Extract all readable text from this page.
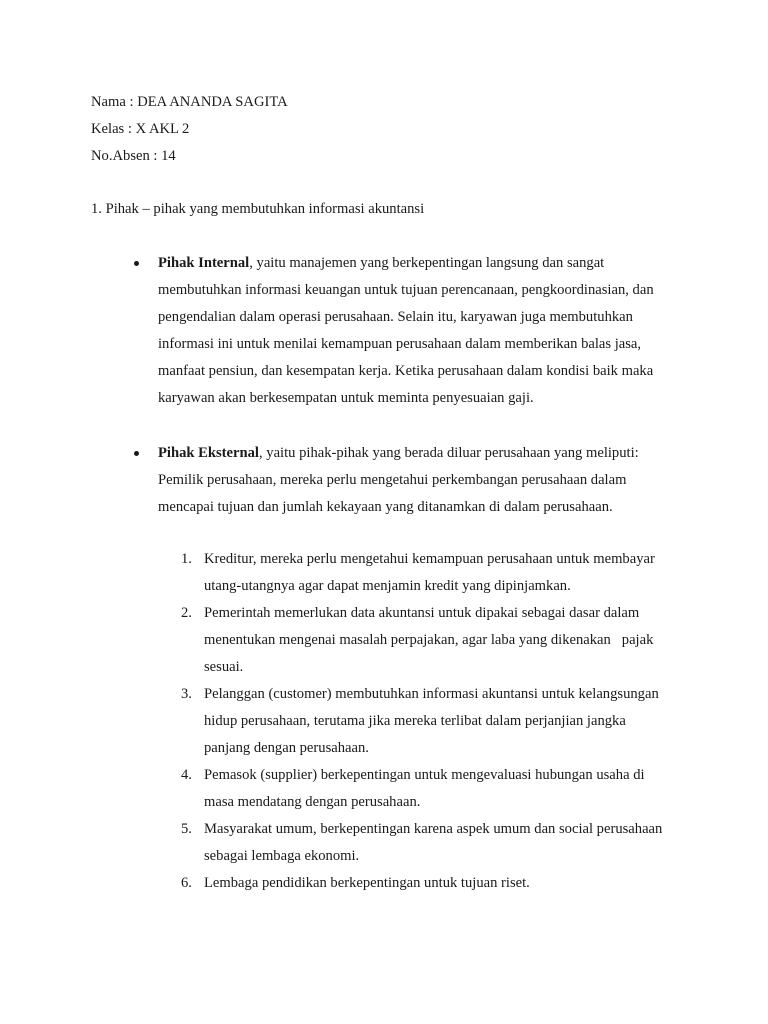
Nama : DEA ANANDA SAGITA
Kelas : X AKL 2
No.Absen : 14
1. Pihak – pihak yang membutuhkan informasi akuntansi
Pihak Internal, yaitu manajemen yang berkepentingan langsung dan sangat
membutuhkan informasi keuangan untuk tujuan perencanaan, pengkoordinasian, dan
pengendalian dalam operasi perusahaan. Selain itu, karyawan juga membutuhkan
informasi ini untuk menilai kemampuan perusahaan dalam memberikan balas jasa,
manfaat pensiun, dan kesempatan kerja. Ketika perusahaan dalam kondisi baik maka
karyawan akan berkesempatan untuk meminta penyesuaian gaji.
Pihak Eksternal, yaitu pihak-pihak yang berada diluar perusahaan yang meliputi:
Pemilik perusahaan, mereka perlu mengetahui perkembangan perusahaan dalam
mencapai tujuan dan jumlah kekayaan yang ditanamkan di dalam perusahaan.
1. Kreditur, mereka perlu mengetahui kemampuan perusahaan untuk membayar
utang-utangnya agar dapat menjamin kredit yang dipinjamkan.
2. Pemerintah memerlukan data akuntansi untuk dipakai sebagai dasar dalam
menentukan mengenai masalah perpajakan, agar laba yang dikenakan   pajak
sesuai.
3. Pelanggan (customer) membutuhkan informasi akuntansi untuk kelangsungan
hidup perusahaan, terutama jika mereka terlibat dalam perjanjian jangka
panjang dengan perusahaan.
4. Pemasok (supplier) berkepentingan untuk mengevaluasi hubungan usaha di
masa mendatang dengan perusahaan.
5. Masyarakat umum, berkepentingan karena aspek umum dan social perusahaan
sebagai lembaga ekonomi.
6. Lembaga pendidikan berkepentingan untuk tujuan riset.
